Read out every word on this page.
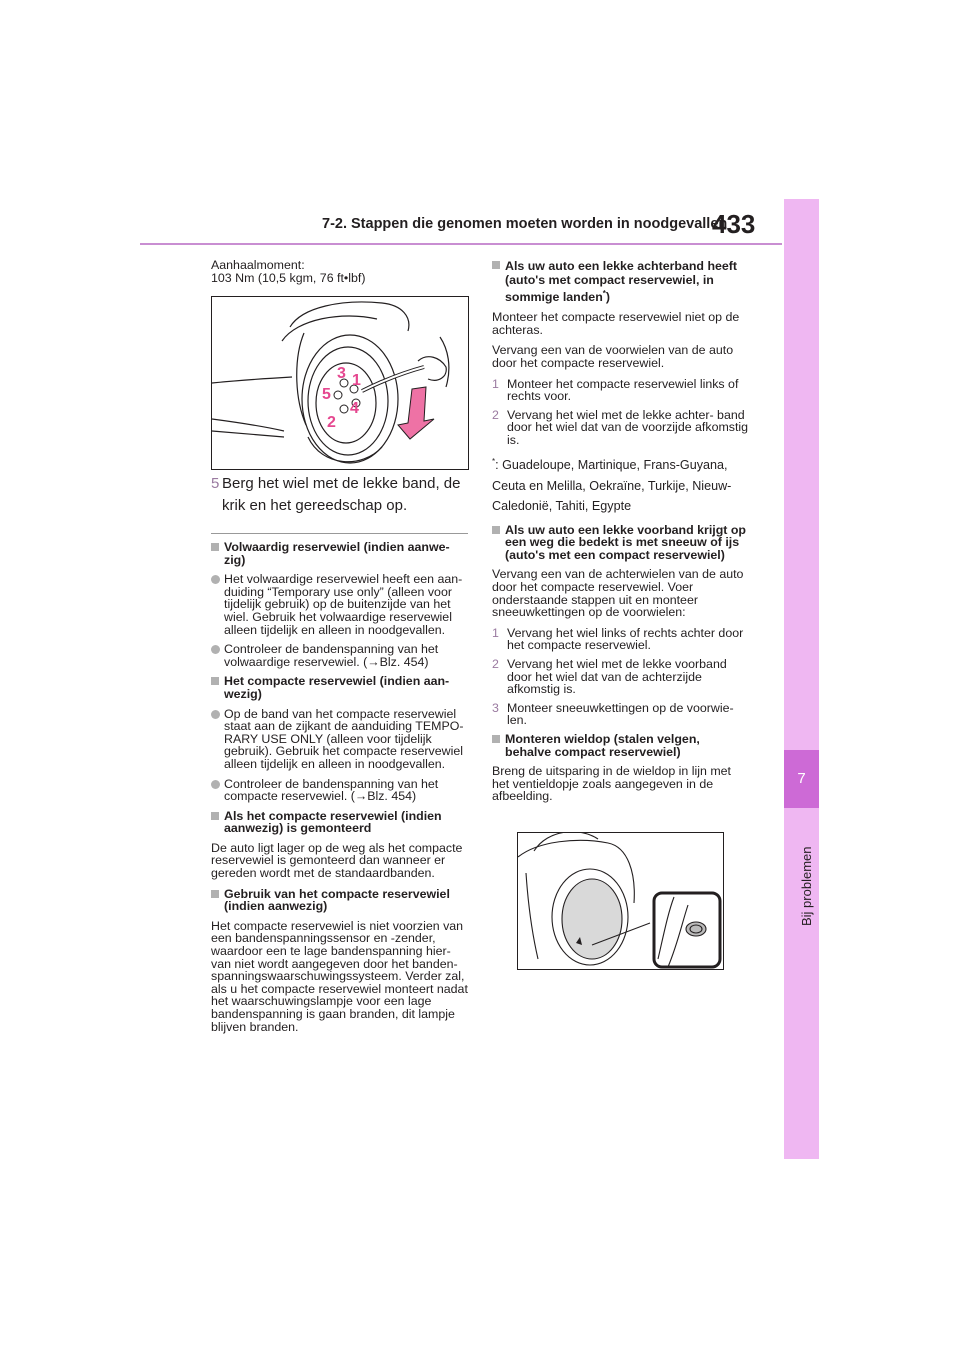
7-2. Stappen die genomen moeten worden in noodgevallen
433
7
Bij problemen

Aanhaalmoment:

103 Nm (10,5 kgm, 76 ft•lbf)

1
2
3
4
5
5 Berg het wiel met de lekke band, de krik en het gereedschap op.

Volwaardig reservewiel (indien aanwe- zig)

Het volwaardige reservewiel heeft een aan- duiding “Temporary use only” (alleen voor tijdelijk gebruik) op de buitenzijde van het wiel. Gebruik het volwaardige reservewiel alleen tijdelijk en alleen in noodgevallen.

Controleer de bandenspanning van het volwaardige reservewiel. (→Blz. 454)

Het compacte reservewiel (indien aan- wezig)

Op de band van het compacte reservewiel staat aan de zijkant de aanduiding TEMPO- RARY USE ONLY (alleen voor tijdelijk gebruik). Gebruik het compacte reservewiel alleen tijdelijk en alleen in noodgevallen.

Controleer de bandenspanning van het compacte reservewiel. (→Blz. 454)

Als het compacte reservewiel (indien aanwezig) is gemonteerd

De auto ligt lager op de weg als het compacte reservewiel is gemonteerd dan wanneer er gereden wordt met de standaardbanden.

Gebruik van het compacte reservewiel (indien aanwezig)

Het compacte reservewiel is niet voorzien van een bandenspanningssensor en -zender, waardoor een te lage bandenspanning hier- van niet wordt aangegeven door het banden- spanningswaarschuwingssysteem. Verder zal, als u het compacte reservewiel monteert nadat het waarschuwingslampje voor een lage bandenspanning is gaan branden, dit lampje blijven branden.

Als uw auto een lekke achterband heeft (auto's met compact reservewiel, in sommige landen*)

Monteer het compacte reservewiel niet op de achteras.

Vervang een van de voorwielen van de auto door het compacte reservewiel.

1 Monteer het compacte reservewiel links of rechts voor.

2 Vervang het wiel met de lekke achter- band door het wiel dat van de voorzijde afkomstig is.

*: Guadeloupe, Martinique, Frans-Guyana, Ceuta en Melilla, Oekraïne, Turkije, Nieuw- Caledonië, Tahiti, Egypte

Als uw auto een lekke voorband krijgt op een weg die bedekt is met sneeuw of ijs (auto's met een compact reservewiel)

Vervang een van de achterwielen van de auto door het compacte reservewiel. Voer onderstaande stappen uit en monteer sneeuwkettingen op de voorwielen:

1 Vervang het wiel links of rechts achter door het compacte reservewiel.

2 Vervang het wiel met de lekke voorband door het wiel dat van de achterzijde afkomstig is.

3 Monteer sneeuwkettingen op de voorwie- len.

Monteren wieldop (stalen velgen, behalve compact reservewiel)

Breng de uitsparing in de wieldop in lijn met het ventieldopje zoals aangegeven in de afbeelding.
